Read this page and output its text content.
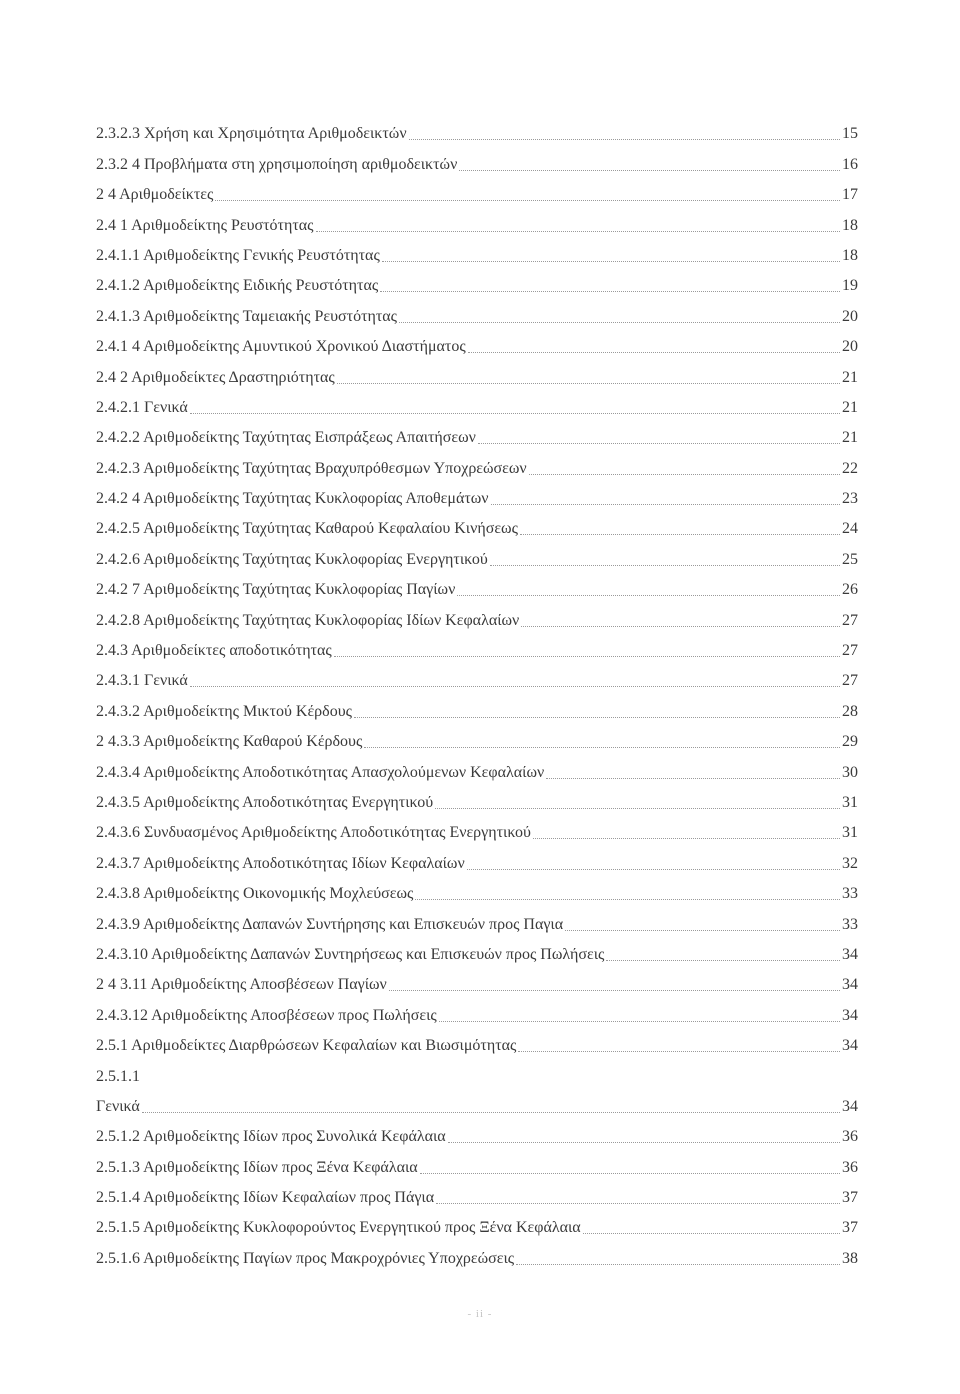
2.3.2.3 Χρήση και Χρησιμότητα Αριθμοδεικτών	15
2.3.2 4 Προβλήματα στη χρησιμοποίηση αριθμοδεικτών	16
2 4 Αριθμοδείκτες	17
2.4 1 Αριθμοδείκτης Ρευστότητας	18
2.4.1.1 Αριθμοδείκτης Γενικής Ρευστότητας	18
2.4.1.2 Αριθμοδείκτης Ειδικής Ρευστότητας	19
2.4.1.3 Αριθμοδείκτης Ταμειακής Ρευστότητας	20
2.4.1 4 Αριθμοδείκτης Αμυντικού Χρονικού Διαστήματος	20
2.4 2 Αριθμοδείκτες Δραστηριότητας	21
2.4.2.1 Γενικά	21
2.4.2.2 Αριθμοδείκτης Ταχύτητας Εισπράξεως Απαιτήσεων	21
2.4.2.3 Αριθμοδείκτης Ταχύτητας Βραχυπρόθεσμων Υποχρεώσεων	22
2.4.2 4 Αριθμοδείκτης Ταχύτητας Κυκλοφορίας Αποθεμάτων	23
2.4.2.5 Αριθμοδείκτης Ταχύτητας Καθαρού Κεφαλαίου Κινήσεως	24
2.4.2.6 Αριθμοδείκτης Ταχύτητας Κυκλοφορίας Ενεργητικού	25
2.4.2 7 Αριθμοδείκτης Ταχύτητας Κυκλοφορίας Παγίων	26
2.4.2.8 Αριθμοδείκτης Ταχύτητας Κυκλοφορίας Ιδίων Κεφαλαίων	27
2.4.3 Αριθμοδείκτες αποδοτικότητας	27
2.4.3.1 Γενικά	27
2.4.3.2 Αριθμοδείκτης Μικτού Κέρδους	28
2 4.3.3 Αριθμοδείκτης Καθαρού Κέρδους	29
2.4.3.4 Αριθμοδείκτης Αποδοτικότητας Απασχολούμενων Κεφαλαίων	30
2.4.3.5 Αριθμοδείκτης Αποδοτικότητας Ενεργητικού	31
2.4.3.6 Συνδυασμένος Αριθμοδείκτης Αποδοτικότητας Ενεργητικού	31
2.4.3.7 Αριθμοδείκτης Αποδοτικότητας Ιδίων Κεφαλαίων	32
2.4.3.8 Αριθμοδείκτης Οικονομικής Μοχλεύσεως	33
2.4.3.9 Αριθμοδείκτης Δαπανών Συντήρησης και Επισκευών προς Παγια	33
2.4.3.10 Αριθμοδείκτης Δαπανών Συντηρήσεως και Επισκευών προς Πωλήσεις	34
2 4 3.11 Αριθμοδείκτης Αποσβέσεων Παγίων	34
2.4.3.12 Αριθμοδείκτης Αποσβέσεων προς Πωλήσεις	34
2.5.1 Αριθμοδείκτες Διαρθρώσεων Κεφαλαίων και Βιωσιμότητας	34
2.5.1.1
Γενικά	34
2.5.1.2 Αριθμοδείκτης Ιδίων προς Συνολικά Κεφάλαια	36
2.5.1.3 Αριθμοδείκτης Ιδίων προς Ξένα Κεφάλαια	36
2.5.1.4 Αριθμοδείκτης Ιδίων Κεφαλαίων προς Πάγια	37
2.5.1.5 Αριθμοδείκτης Κυκλοφορούντος Ενεργητικού προς Ξένα Κεφάλαια	37
2.5.1.6 Αριθμοδείκτης Παγίων προς Μακροχρόνιες Υποχρεώσεις	38
- ii -
